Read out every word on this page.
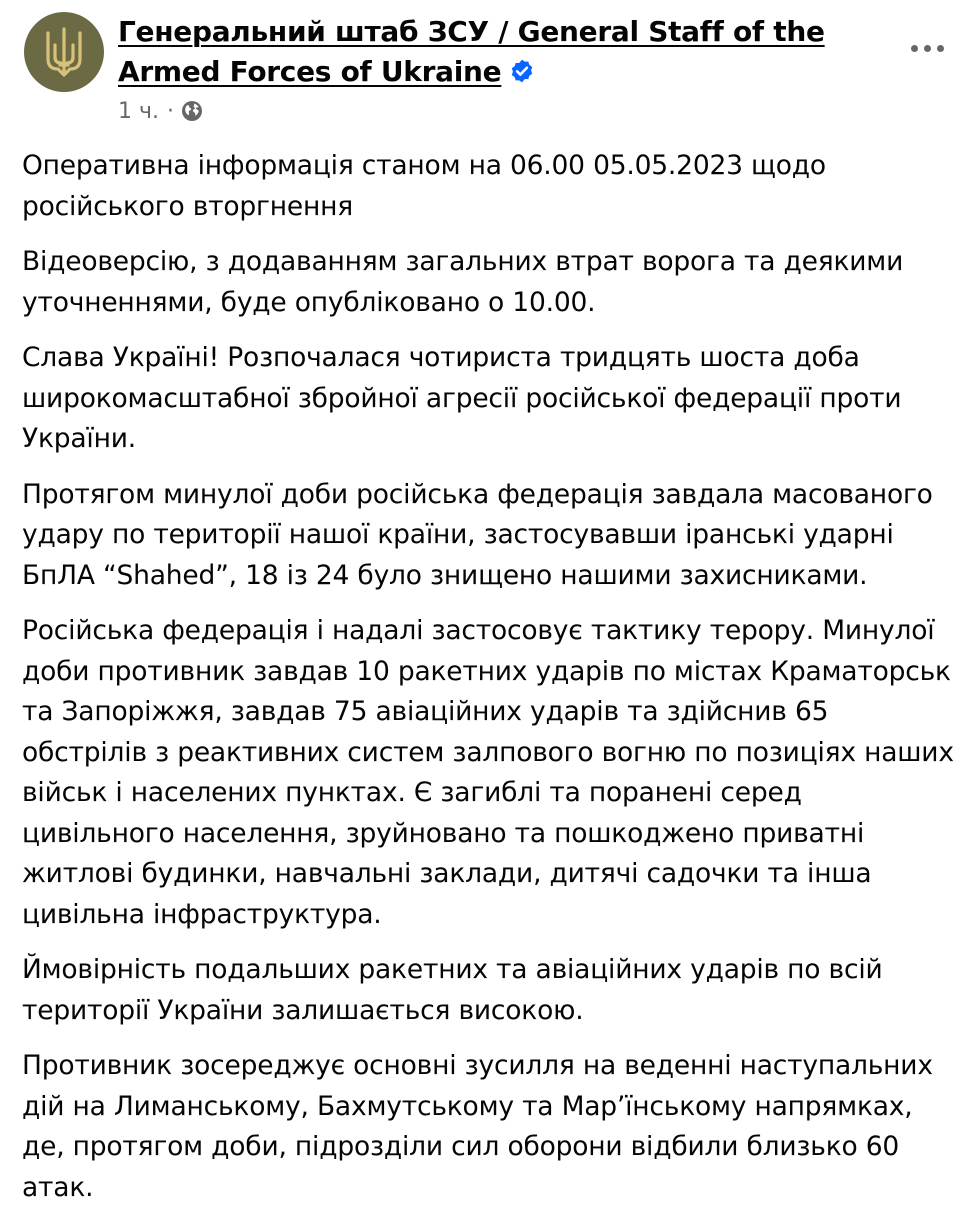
Генеральний штаб ЗСУ / General Staff of the Armed Forces of Ukraine
1 ч. ·

Оперативна інформація станом на 06.00 05.05.2023 щодо російського вторгнення

Відеоверсію, з додаванням загальних втрат ворога та деякими уточненнями, буде опубліковано о 10.00.

Слава Україні! Розпочалася чотириста тридцять шоста доба широкомасштабної збройної агресії російської федерації проти України.

Протягом минулої доби російська федерація завдала масованого удару по території нашої країни, застосувавши іранські ударні БпЛА “Shahed”, 18 із 24 було знищено нашими захисниками.

Російська федерація і надалі застосовує тактику терору. Минулої доби противник завдав 10 ракетних ударів по містах Краматорськ та Запоріжжя, завдав 75 авіаційних ударів та здійснив 65 обстрілів з реактивних систем залпового вогню по позиціях наших військ і населених пунктах. Є загиблі та поранені серед цивільного населення, зруйновано та пошкоджено приватні житлові будинки, навчальні заклади, дитячі садочки та інша цивільна інфраструктура.

Ймовірність подальших ракетних та авіаційних ударів по всій території України залишається високою.

Противник зосереджує основні зусилля на веденні наступальних дій на Лиманському, Бахмутському та Мар’їнському напрямках, де, протягом доби, підрозділи сил оборони відбили близько 60 атак.
